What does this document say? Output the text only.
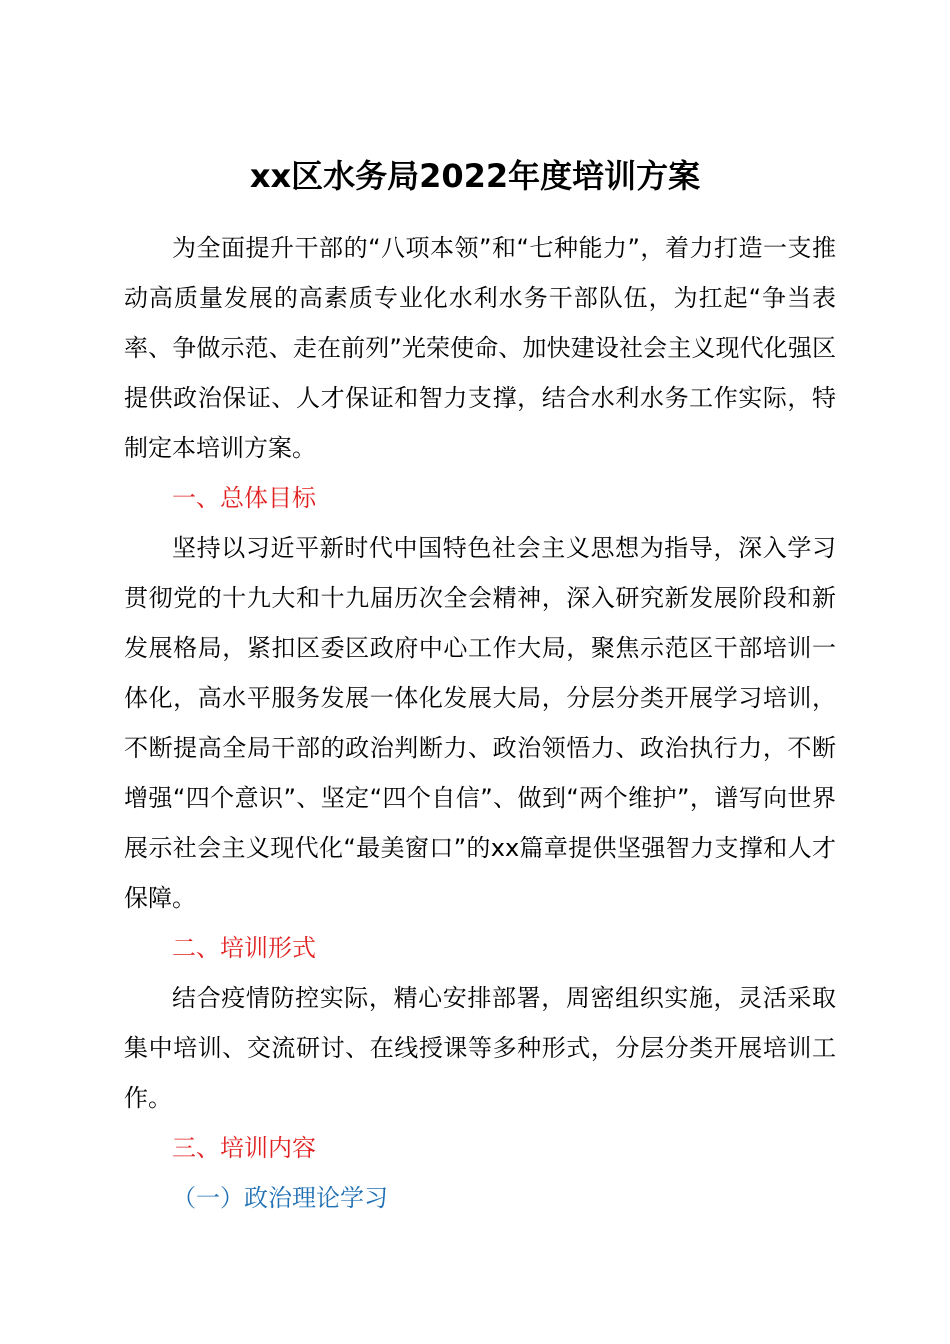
xx区水务局2022年度培训方案

为全面提升干部的“八项本领”和“七种能力”，着力打造一支推动高质量发展的高素质专业化水利水务干部队伍，为扛起“争当表率、争做示范、走在前列”光荣使命、加快建设社会主义现代化强区提供政治保证、人才保证和智力支撑，结合水利水务工作实际，特制定本培训方案。

一、总体目标

坚持以习近平新时代中国特色社会主义思想为指导，深入学习贯彻党的十九大和十九届历次全会精神，深入研究新发展阶段和新发展格局，紧扣区委区政府中心工作大局，聚焦示范区干部培训一体化，高水平服务发展一体化发展大局，分层分类开展学习培训，不断提高全局干部的政治判断力、政治领悟力、政治执行力，不断增强“四个意识”、坚定“四个自信”、做到“两个维护”，谱写向世界展示社会主义现代化“最美窗口”的xx篇章提供坚强智力支撑和人才保障。

二、培训形式

结合疫情防控实际，精心安排部署，周密组织实施，灵活采取集中培训、交流研讨、在线授课等多种形式，分层分类开展培训工作。

三、培训内容

（一）政治理论学习
